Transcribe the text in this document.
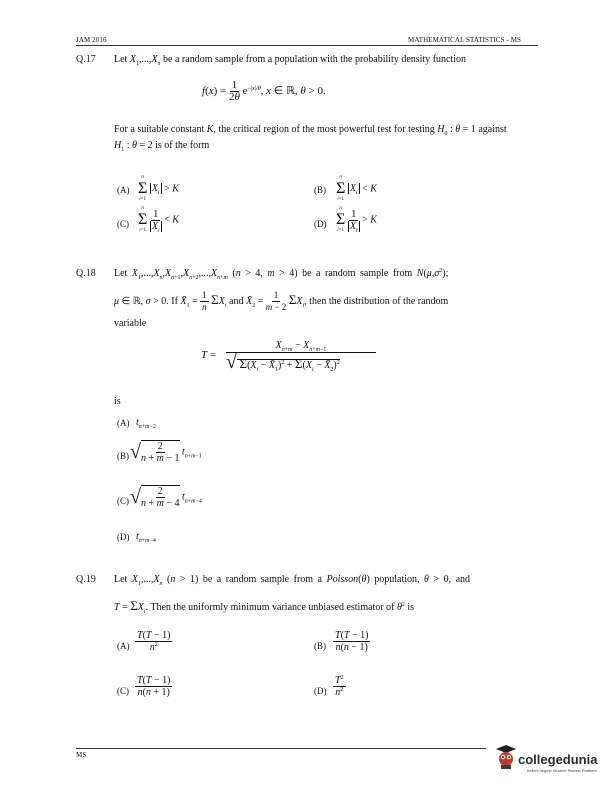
JAM 2016	MATHEMATICAL STATISTICS - MS
Q.17 Let $X_1,...,X_n$ be a random sample from a population with the probability density function
$f(x) = \frac{1}{2\theta} e^{-|x|/\theta}$, x ∈ ℝ, θ > 0.
For a suitable constant K, the critical region of the most powerful test for testing $H_0$ : θ = 1 against
$H_1$ : θ = 2 is of the form
(A)
n
Σ
i=1
$X_i > K$	(B)
n
Σ
i=1
$X_i < K$
(C)
n
Σ
i=1
$\frac{1}{X_i} < K$	(D)
n
Σ
i=1
$\frac{1}{X_i} > K$
Q.18 Let $X_1,...,X_n,X_{n+1},X_{n+2},...,X_{n+m}$ (n > 4, m > 4) be a random sample from $N(\mu,\sigma^2)$;
μ ∈ ℝ, σ > 0. If $X̄_1 = \frac{1}{n} \Sigma X_i$ and $X̄_2 = \frac{1}{m - 2} \Sigma X_i$, then the distribution of the random
variable
T =
$X_{n+m} - X_{n+m-1}$
√ $\Sigma(X_i$ − $X̄_1)^2 + \Sigma(X_i$ − $X̄_2)^2$
is
(A) $t_{n+m-2}$
(B) √ $\frac{2}{n + m - 1} t_{n+m-1}$
(C) √ $\frac{2}{n + m - 4} t_{n+m-4}$
(D) $t_{n+m-4}$
Q.19 Let $X_1,...,X_n$ (n > 1) be a random sample from a Poisson(θ) population, θ > 0, and
$T = \Sigma X_i$. Then the uniformly minimum variance unbiased estimator of $\theta^2$ is
$(A) \frac{T(T - 1)}{n^2}$	$(B) \frac{T(T - 1)}{n(n - 1)}$
$(C) \frac{T(T - 1)}{n(n + 1)}$	$(D) \frac{T^2}{n^2}$
MS	collegedunia
India's largest Student Review Platform
